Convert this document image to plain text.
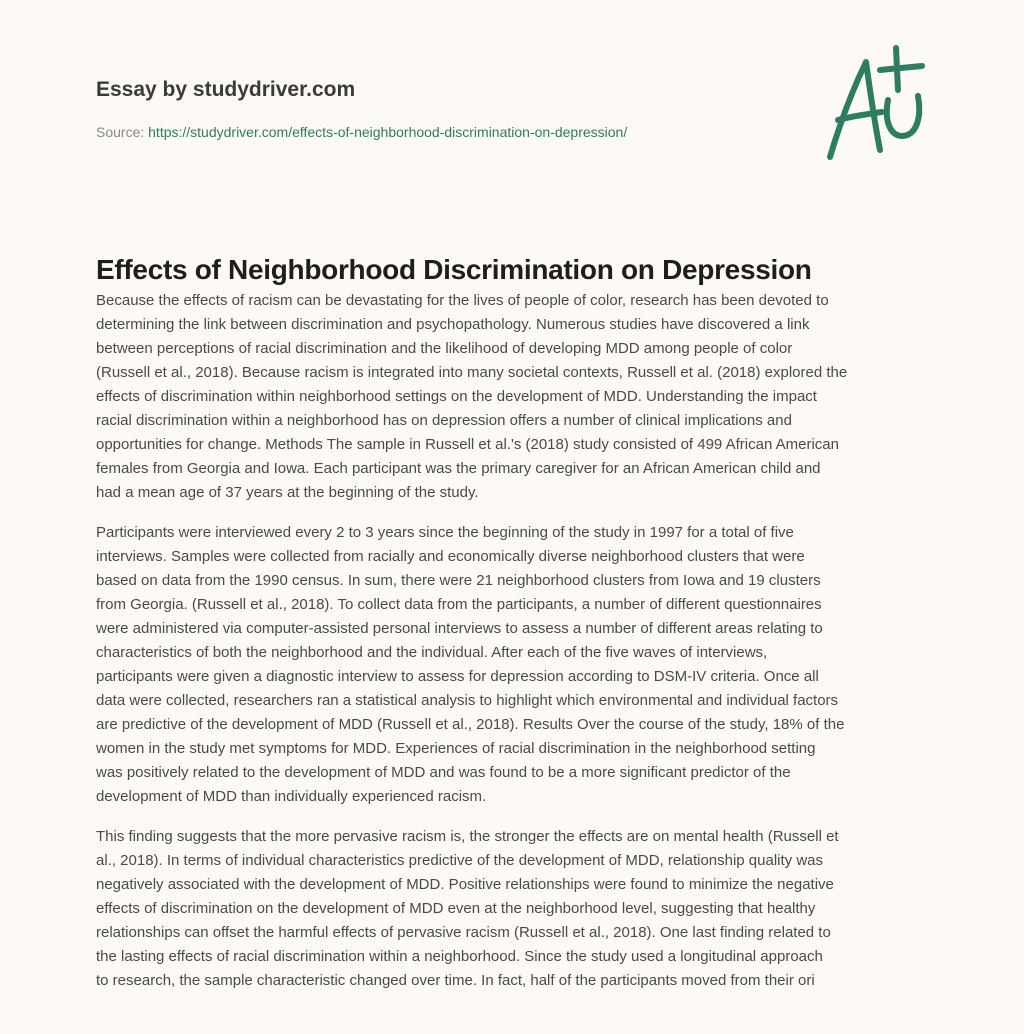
Essay by studydriver.com
Source: https://studydriver.com/effects-of-neighborhood-discrimination-on-depression/
Effects of Neighborhood Discrimination on Depression
Because the effects of racism can be devastating for the lives of people of color, research has been devoted to
determining the link between discrimination and psychopathology. Numerous studies have discovered a link
between perceptions of racial discrimination and the likelihood of developing MDD among people of color
(Russell et al., 2018). Because racism is integrated into many societal contexts, Russell et al. (2018) explored the
effects of discrimination within neighborhood settings on the development of MDD. Understanding the impact
racial discrimination within a neighborhood has on depression offers a number of clinical implications and
opportunities for change. Methods The sample in Russell et al.'s (2018) study consisted of 499 African American
females from Georgia and Iowa. Each participant was the primary caregiver for an African American child and
had a mean age of 37 years at the beginning of the study.
Participants were interviewed every 2 to 3 years since the beginning of the study in 1997 for a total of five
interviews. Samples were collected from racially and economically diverse neighborhood clusters that were
based on data from the 1990 census. In sum, there were 21 neighborhood clusters from Iowa and 19 clusters
from Georgia. (Russell et al., 2018). To collect data from the participants, a number of different questionnaires
were administered via computer-assisted personal interviews to assess a number of different areas relating to
characteristics of both the neighborhood and the individual. After each of the five waves of interviews,
participants were given a diagnostic interview to assess for depression according to DSM-IV criteria. Once all
data were collected, researchers ran a statistical analysis to highlight which environmental and individual factors
are predictive of the development of MDD (Russell et al., 2018). Results Over the course of the study, 18% of the
women in the study met symptoms for MDD. Experiences of racial discrimination in the neighborhood setting
was positively related to the development of MDD and was found to be a more significant predictor of the
development of MDD than individually experienced racism.
This finding suggests that the more pervasive racism is, the stronger the effects are on mental health (Russell et
al., 2018). In terms of individual characteristics predictive of the development of MDD, relationship quality was
negatively associated with the development of MDD. Positive relationships were found to minimize the negative
effects of discrimination on the development of MDD even at the neighborhood level, suggesting that healthy
relationships can offset the harmful effects of pervasive racism (Russell et al., 2018). One last finding related to
the lasting effects of racial discrimination within a neighborhood. Since the study used a longitudinal approach
to research, the sample characteristic changed over time. In fact, half of the participants moved from their ori
